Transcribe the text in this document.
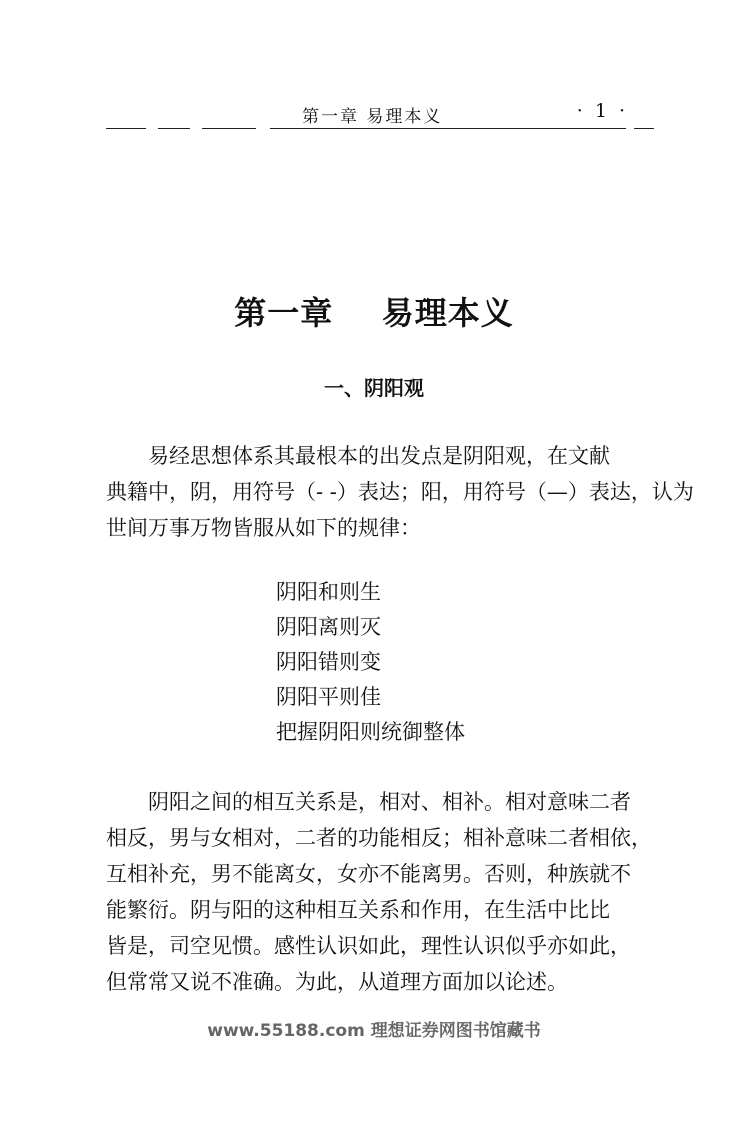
第一章 易理本义	· 1 ·
第一章    易理本义
一、阴阳观

易经思想体系其最根本的出发点是阴阳观，在文献
典籍中，阴，用符号（- -）表达；阳，用符号（—）表达，认为
世间万事万物皆服从如下的规律：

阴阳和则生
阴阳离则灭
阴阳错则变
阴阳平则佳
把握阴阳则统御整体

阴阳之间的相互关系是，相对、相补。相对意味二者
相反，男与女相对，二者的功能相反；相补意味二者相依，
互相补充，男不能离女，女亦不能离男。否则，种族就不
能繁衍。阴与阳的这种相互关系和作用，在生活中比比
皆是，司空见惯。感性认识如此，理性认识似乎亦如此，
但常常又说不准确。为此，从道理方面加以论述。

www.55188.com 理想证券网图书馆藏书
